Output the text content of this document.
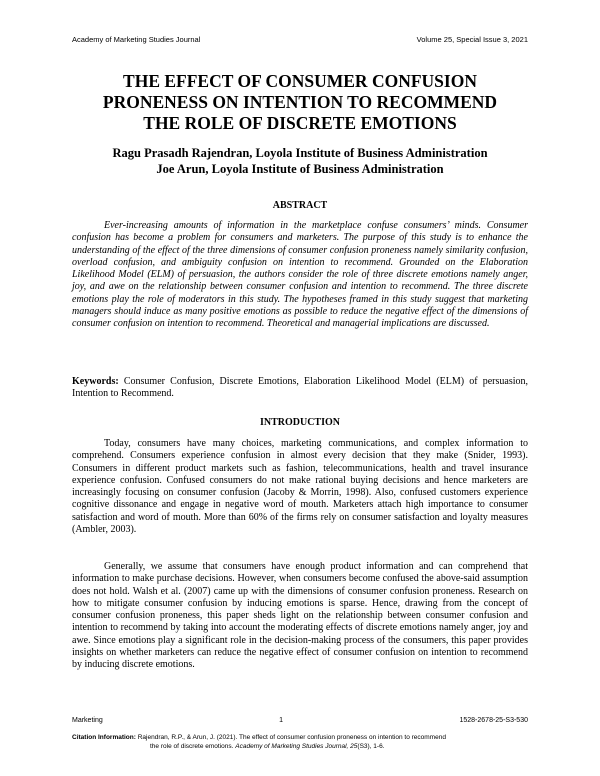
Academy of Marketing Studies Journal	Volume 25, Special Issue 3, 2021
THE EFFECT OF CONSUMER CONFUSION
PRONENESS ON INTENTION TO RECOMMEND
THE ROLE OF DISCRETE EMOTIONS
Ragu Prasadh Rajendran, Loyola Institute of Business Administration
Joe Arun, Loyola Institute of Business Administration
ABSTRACT

Ever-increasing amounts of information in the marketplace confuse consumers’ minds. Consumer confusion has become a problem for consumers and marketers. The purpose of this study is to enhance the understanding of the effect of the three dimensions of consumer confusion proneness namely similarity confusion, overload confusion, and ambiguity confusion on intention to recommend. Grounded on the Elaboration Likelihood Model (ELM) of persuasion, the authors consider the role of three discrete emotions namely anger, joy, and awe on the relationship between consumer confusion and intention to recommend. The three discrete emotions play the role of moderators in this study. The hypotheses framed in this study suggest that marketing managers should induce as many positive emotions as possible to reduce the negative effect of the dimensions of consumer confusion on intention to recommend. Theoretical and managerial implications are discussed.

Keywords: Consumer Confusion, Discrete Emotions, Elaboration Likelihood Model (ELM) of persuasion, Intention to Recommend.

INTRODUCTION

Today, consumers have many choices, marketing communications, and complex information to comprehend. Consumers experience confusion in almost every decision that they make (Snider, 1993). Consumers in different product markets such as fashion, telecommunications, health and travel insurance experience confusion. Confused consumers do not make rational buying decisions and hence marketers are increasingly focusing on consumer confusion (Jacoby & Morrin, 1998). Also, confused customers experience cognitive dissonance and engage in negative word of mouth. Marketers attach high importance to consumer satisfaction and word of mouth. More than 60% of the firms rely on consumer satisfaction and loyalty measures (Ambler, 2003).

Generally, we assume that consumers have enough product information and can comprehend that information to make purchase decisions. However, when consumers become confused the above-said assumption does not hold. Walsh et al. (2007) came up with the dimensions of consumer confusion proneness. Research on how to mitigate consumer confusion by inducing emotions is sparse. Hence, drawing from the concept of consumer confusion proneness, this paper sheds light on the relationship between consumer confusion and intention to recommend by taking into account the moderating effects of discrete emotions namely anger, joy and awe. Since emotions play a significant role in the decision-making process of the consumers, this paper provides insights on whether marketers can reduce the negative effect of consumer confusion on intention to recommend by inducing discrete emotions.

Marketing	1	1528-2678-25-S3-530
Citation Information: Rajendran, R.P., & Arun, J. (2021). The effect of consumer confusion proneness on intention to recommend
the role of discrete emotions. Academy of Marketing Studies Journal, 25(S3), 1-6.
